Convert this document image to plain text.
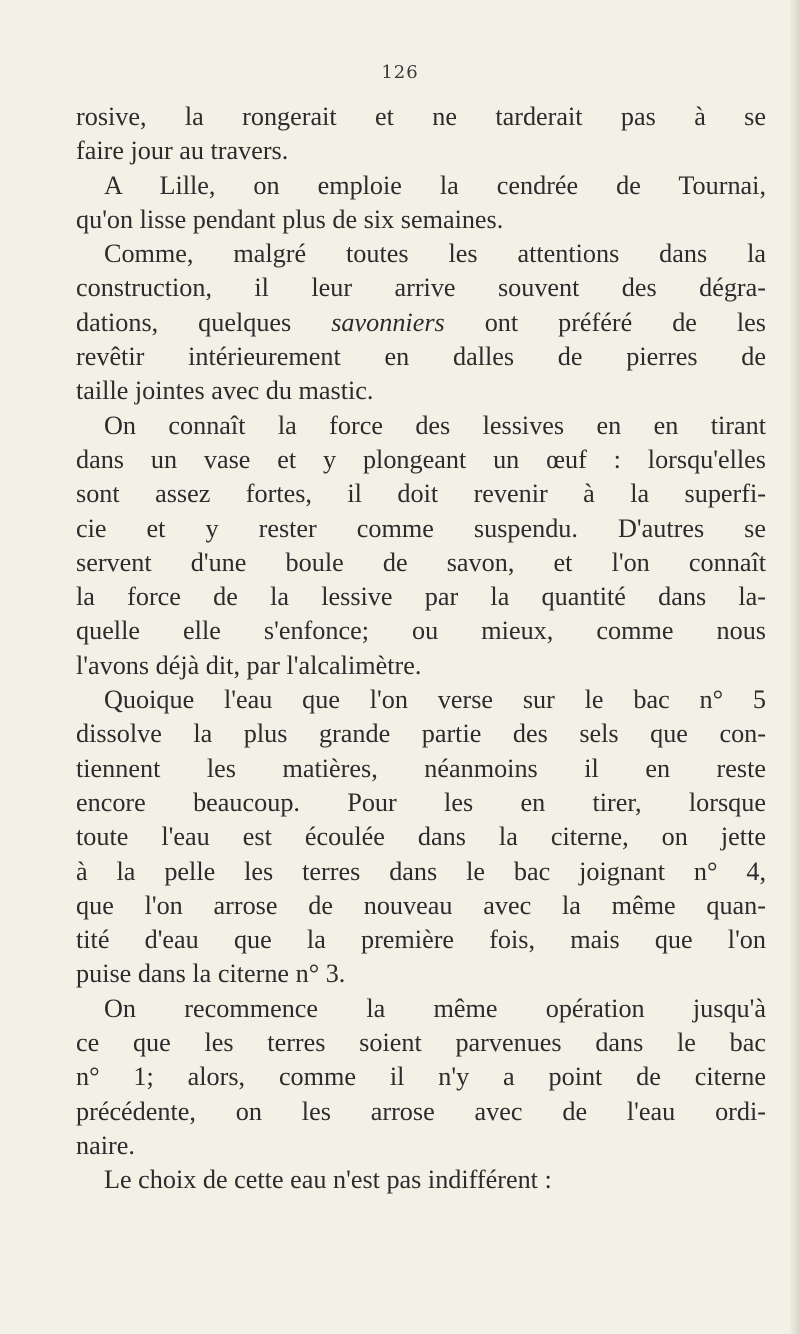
126
rosive, la rongerait et ne tarderait pas à se
faire jour au travers.
A Lille, on emploie la cendrée de Tournai,
qu'on lisse pendant plus de six semaines.
Comme, malgré toutes les attentions dans la
construction, il leur arrive souvent des dégra-
dations, quelques savonniers ont préféré de les
revêtir intérieurement en dalles de pierres de
taille jointes avec du mastic.
On connaît la force des lessives en en tirant
dans un vase et y plongeant un œuf : lorsqu'elles
sont assez fortes, il doit revenir à la superfi-
cie et y rester comme suspendu. D'autres se
servent d'une boule de savon, et l'on connaît
la force de la lessive par la quantité dans la-
quelle elle s'enfonce; ou mieux, comme nous
l'avons déjà dit, par l'alcalimètre.
Quoique l'eau que l'on verse sur le bac n° 5
dissolve la plus grande partie des sels que con-
tiennent les matières, néanmoins il en reste
encore beaucoup. Pour les en tirer, lorsque
toute l'eau est écoulée dans la citerne, on jette
à la pelle les terres dans le bac joignant n° 4,
que l'on arrose de nouveau avec la même quan-
tité d'eau que la première fois, mais que l'on
puise dans la citerne n° 3.
On recommence la même opération jusqu'à
ce que les terres soient parvenues dans le bac
n° 1; alors, comme il n'y a point de citerne
précédente, on les arrose avec de l'eau ordi-
naire.
Le choix de cette eau n'est pas indifférent :
